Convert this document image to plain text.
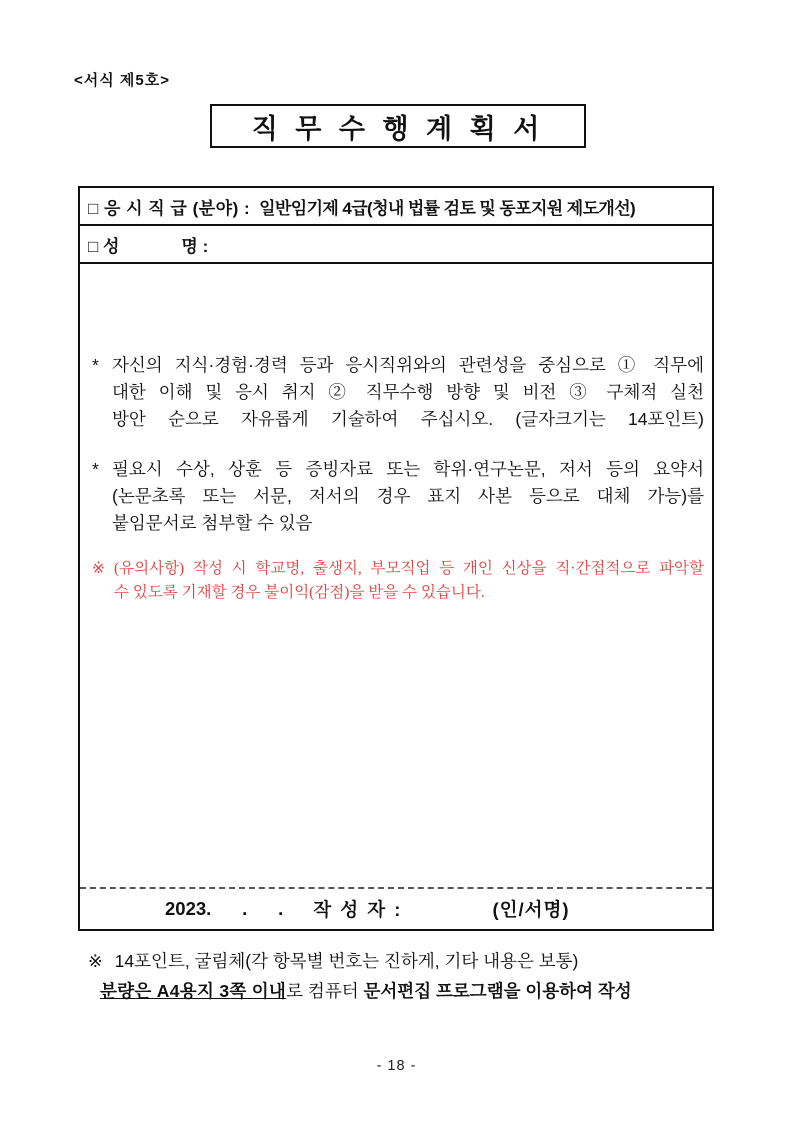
<서식 제5호>
직 무 수 행 계 획 서
□ 응 시 직 급 (분야) : 일반임기제 4급(청내 법률 검토 및 동포지원 제도개선)
□ 성	명 :
* 자신의 지식·경험·경력 등과 응시직위와의 관련성을 중심으로 ① 직무에
대한 이해 및 응시 취지 ② 직무수행 방향 및 비전 ③ 구체적 실천
방안 순으로 자유롭게 기술하여 주십시오. (글자크기는 14포인트)
* 필요시 수상, 상훈 등 증빙자료 또는 학위·연구논문, 저서 등의 요약서
(논문초록 또는 서문, 저서의 경우 표지 사본 등으로 대체 가능)를
붙임문서로 첨부할 수 있음
※ (유의사항) 작성 시 학교명, 출생지, 부모직업 등 개인 신상을 직·간접적으로 파악할
수 있도록 기재할 경우 불이익(감점)을 받을 수 있습니다.
2023.      .      . 작 성 자 :	(인/서명)
※ 14포인트, 굴림체(각 항목별 번호는 진하게, 기타 내용은 보통)
분량은 A4용지 3쪽 이내로 컴퓨터 문서편집 프로그램을 이용하여 작성
- 18 -
